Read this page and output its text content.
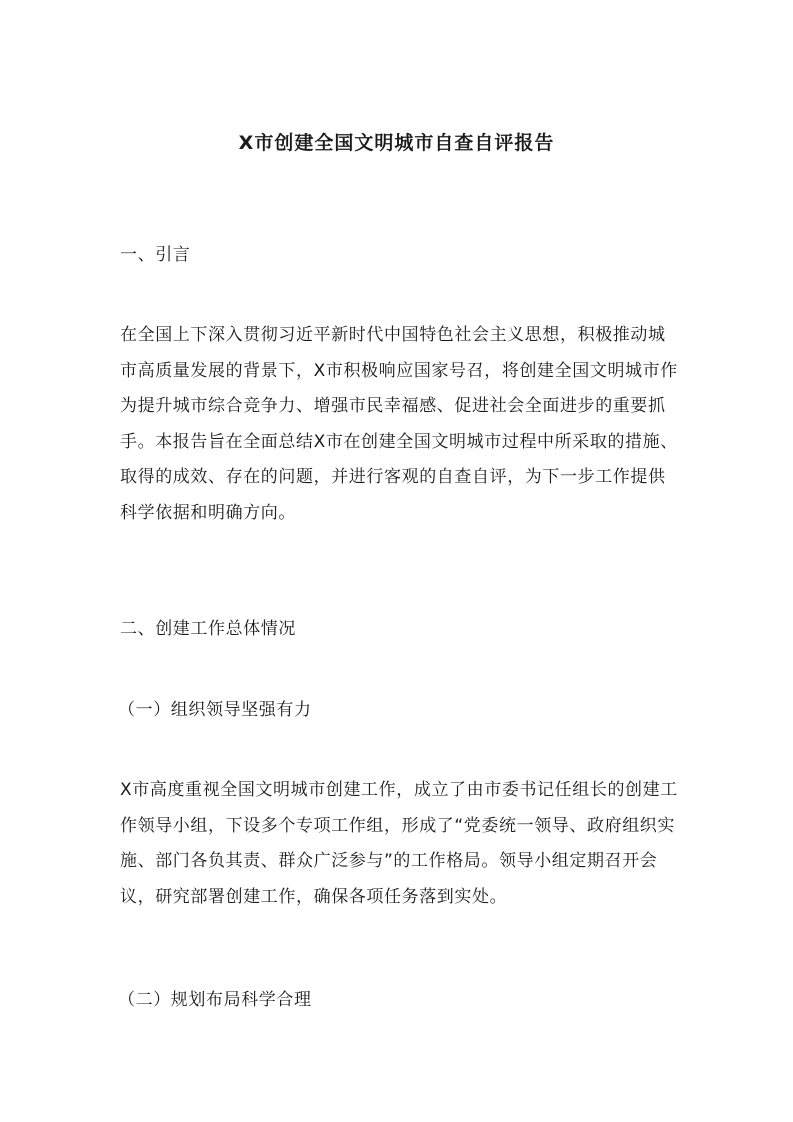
X市创建全国文明城市自查自评报告
一、引言

在全国上下深入贯彻习近平新时代中国特色社会主义思想，积极推动城市高质量发展的背景下，X市积极响应国家号召，将创建全国文明城市作为提升城市综合竞争力、增强市民幸福感、促进社会全面进步的重要抓手。本报告旨在全面总结X市在创建全国文明城市过程中所采取的措施、取得的成效、存在的问题，并进行客观的自查自评，为下一步工作提供科学依据和明确方向。

二、创建工作总体情况
（一）组织领导坚强有力

X市高度重视全国文明城市创建工作，成立了由市委书记任组长的创建工作领导小组，下设多个专项工作组，形成了“党委统一领导、政府组织实施、部门各负其责、群众广泛参与”的工作格局。领导小组定期召开会议，研究部署创建工作，确保各项任务落到实处。

（二）规划布局科学合理
